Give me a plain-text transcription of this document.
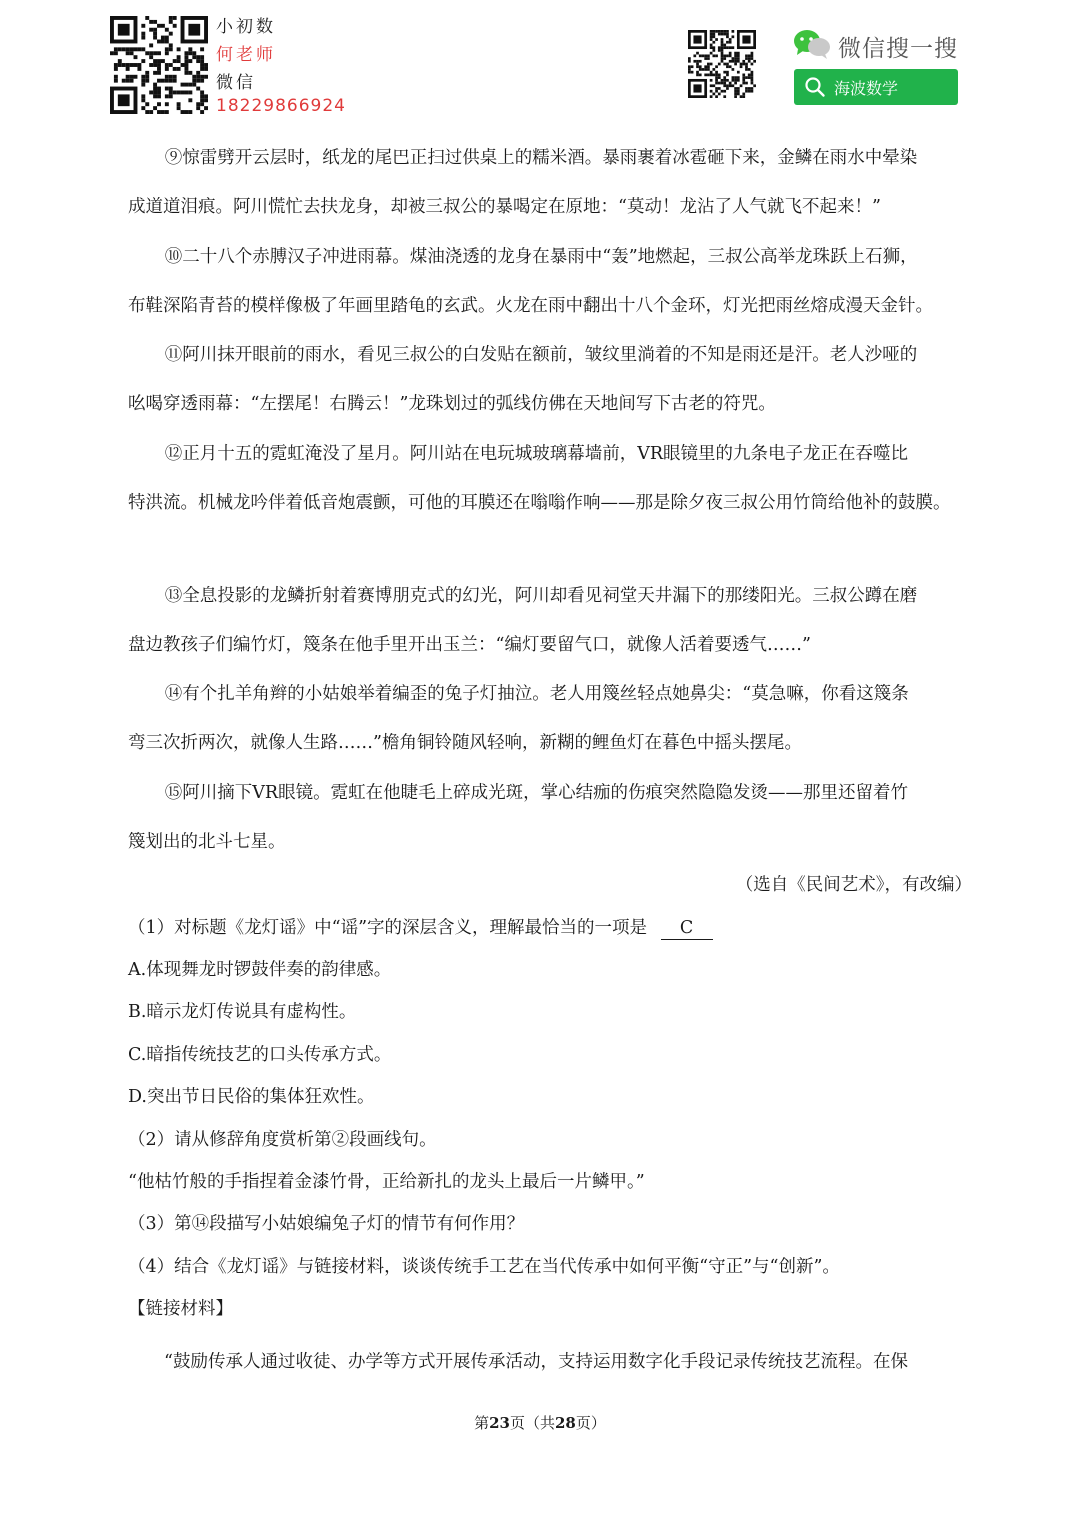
小初数
何老师
微信
18229866924
微信搜一搜
海波数学
⑨惊雷劈开云层时，纸龙的尾巴正扫过供桌上的糯米酒。暴雨裹着冰雹砸下来，金鳞在雨水中晕染
成道道泪痕。阿川慌忙去扶龙身，却被三叔公的暴喝定在原地：“莫动！龙沾了人气就飞不起来！”
⑩二十八个赤膊汉子冲进雨幕。煤油浇透的龙身在暴雨中“轰”地燃起，三叔公高举龙珠跃上石狮，
布鞋深陷青苔的模样像极了年画里踏龟的玄武。火龙在雨中翻出十八个金环，灯光把雨丝熔成漫天金针。
⑪阿川抹开眼前的雨水，看见三叔公的白发贴在额前，皱纹里淌着的不知是雨还是汗。老人沙哑的
吆喝穿透雨幕：“左摆尾！右腾云！”龙珠划过的弧线仿佛在天地间写下古老的符咒。
⑫正月十五的霓虹淹没了星月。阿川站在电玩城玻璃幕墙前，VR眼镜里的九条电子龙正在吞噬比
特洪流。机械龙吟伴着低音炮震颤，可他的耳膜还在嗡嗡作响——那是除夕夜三叔公用竹筒给他补的鼓膜。
⑬全息投影的龙鳞折射着赛博朋克式的幻光，阿川却看见祠堂天井漏下的那缕阳光。三叔公蹲在磨
盘边教孩子们编竹灯，篾条在他手里开出玉兰：“编灯要留气口，就像人活着要透气……”
⑭有个扎羊角辫的小姑娘举着编歪的兔子灯抽泣。老人用篾丝轻点她鼻尖：“莫急嘛，你看这篾条
弯三次折两次，就像人生路……”檐角铜铃随风轻响，新糊的鲤鱼灯在暮色中摇头摆尾。
⑮阿川摘下VR眼镜。霓虹在他睫毛上碎成光斑，掌心结痂的伤痕突然隐隐发烫——那里还留着竹
篾划出的北斗七星。
（选自《民间艺术》，有改编）
（1）对标题《龙灯谣》中“谣”字的深层含义，理解最恰当的一项是 C
A.体现舞龙时锣鼓伴奏的韵律感。
B.暗示龙灯传说具有虚构性。
C.暗指传统技艺的口头传承方式。
D.突出节日民俗的集体狂欢性。
（2）请从修辞角度赏析第②段画线句。
“他枯竹般的手指捏着金漆竹骨，正给新扎的龙头上最后一片鳞甲。”
（3）第⑭段描写小姑娘编兔子灯的情节有何作用？
（4）结合《龙灯谣》与链接材料，谈谈传统手工艺在当代传承中如何平衡“守正”与“创新”。
【链接材料】
“鼓励传承人通过收徒、办学等方式开展传承活动，支持运用数字化手段记录传统技艺流程。在保
第23页（共28页）
